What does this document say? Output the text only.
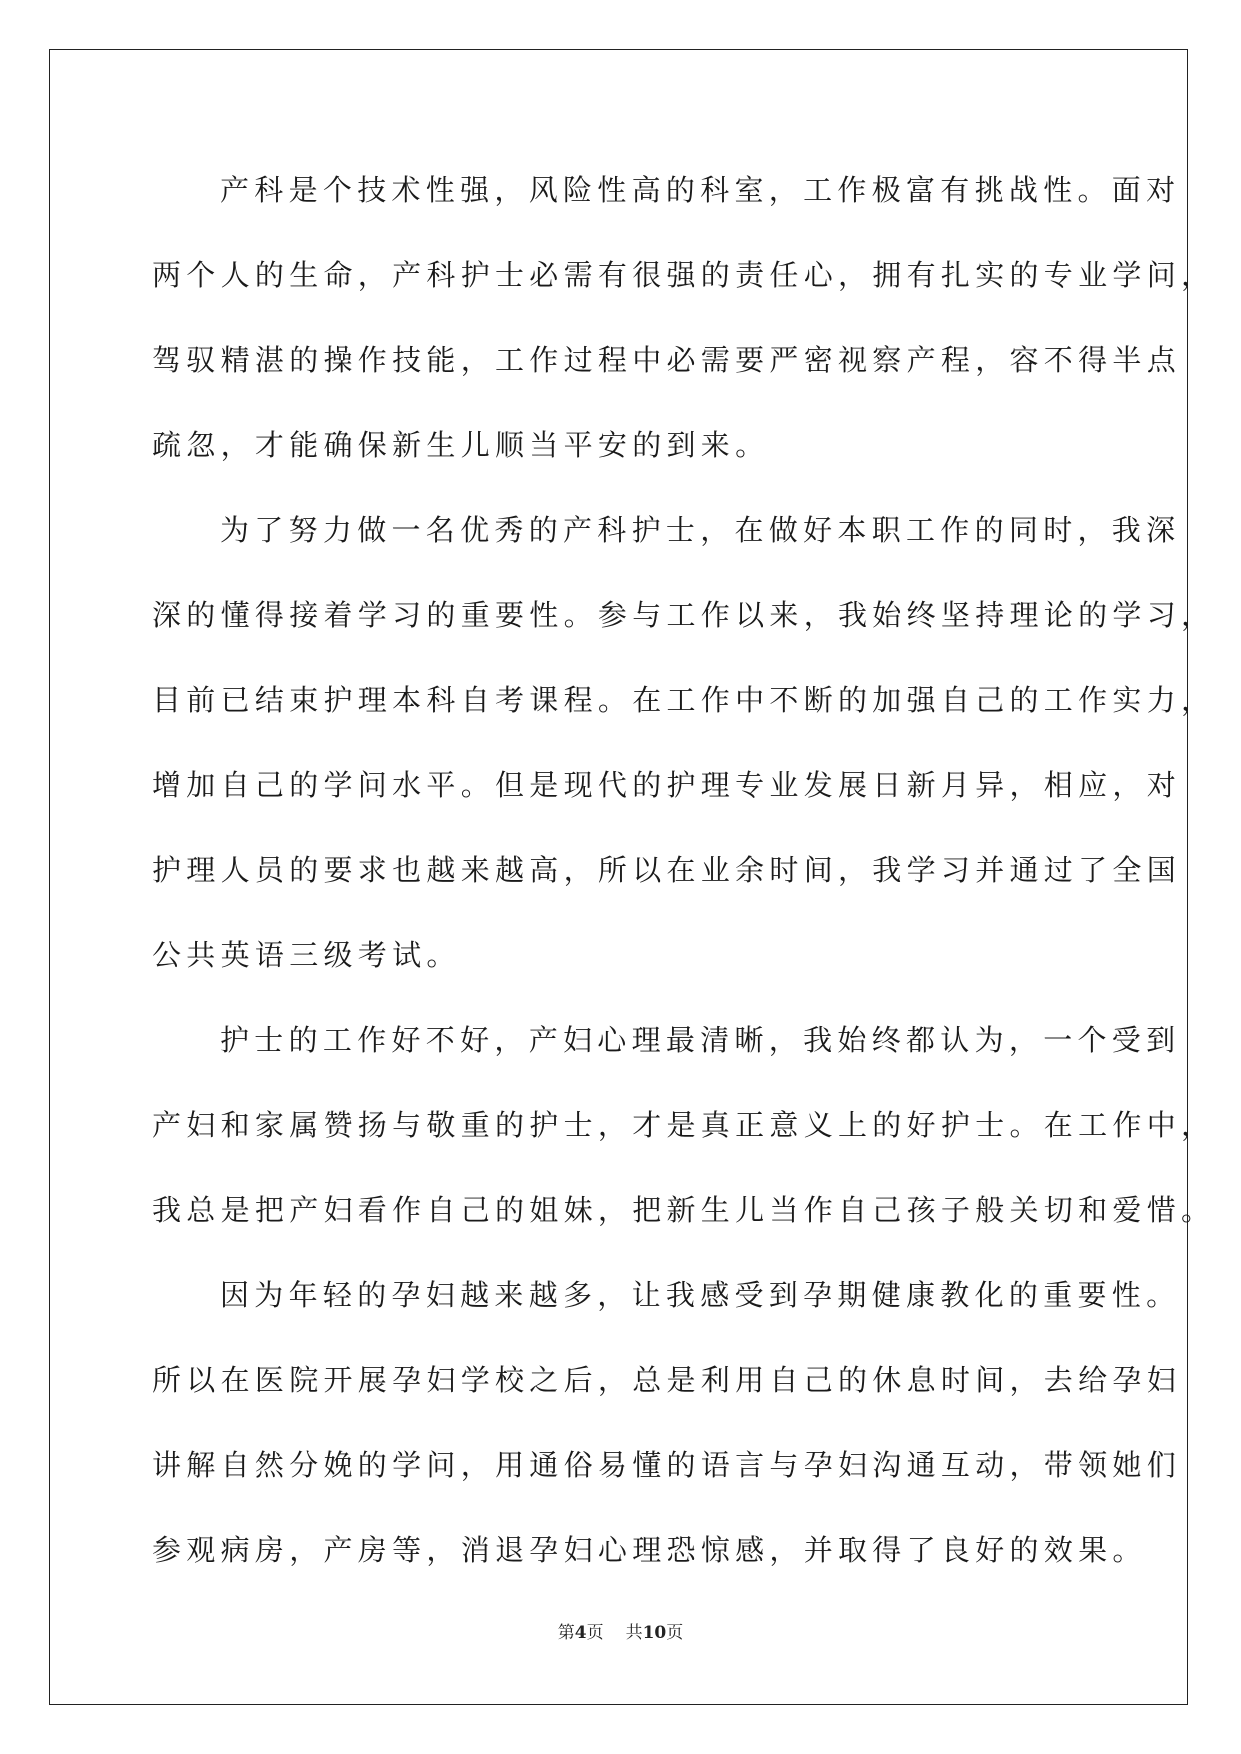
产科是个技术性强，风险性高的科室，工作极富有挑战性。面对
两个人的生命，产科护士必需有很强的责任心，拥有扎实的专业学问，
驾驭精湛的操作技能，工作过程中必需要严密视察产程，容不得半点
疏忽，才能确保新生儿顺当平安的到来。
为了努力做一名优秀的产科护士，在做好本职工作的同时，我深
深的懂得接着学习的重要性。参与工作以来，我始终坚持理论的学习，
目前已结束护理本科自考课程。在工作中不断的加强自己的工作实力，
增加自己的学问水平。但是现代的护理专业发展日新月异，相应，对
护理人员的要求也越来越高，所以在业余时间，我学习并通过了全国
公共英语三级考试。
护士的工作好不好，产妇心理最清晰，我始终都认为，一个受到
产妇和家属赞扬与敬重的护士，才是真正意义上的好护士。在工作中，
我总是把产妇看作自己的姐妹，把新生儿当作自己孩子般关切和爱惜。
因为年轻的孕妇越来越多，让我感受到孕期健康教化的重要性。
所以在医院开展孕妇学校之后，总是利用自己的休息时间，去给孕妇
讲解自然分娩的学问，用通俗易懂的语言与孕妇沟通互动，带领她们
参观病房，产房等，消退孕妇心理恐惊感，并取得了良好的效果。
第4页 共10页
